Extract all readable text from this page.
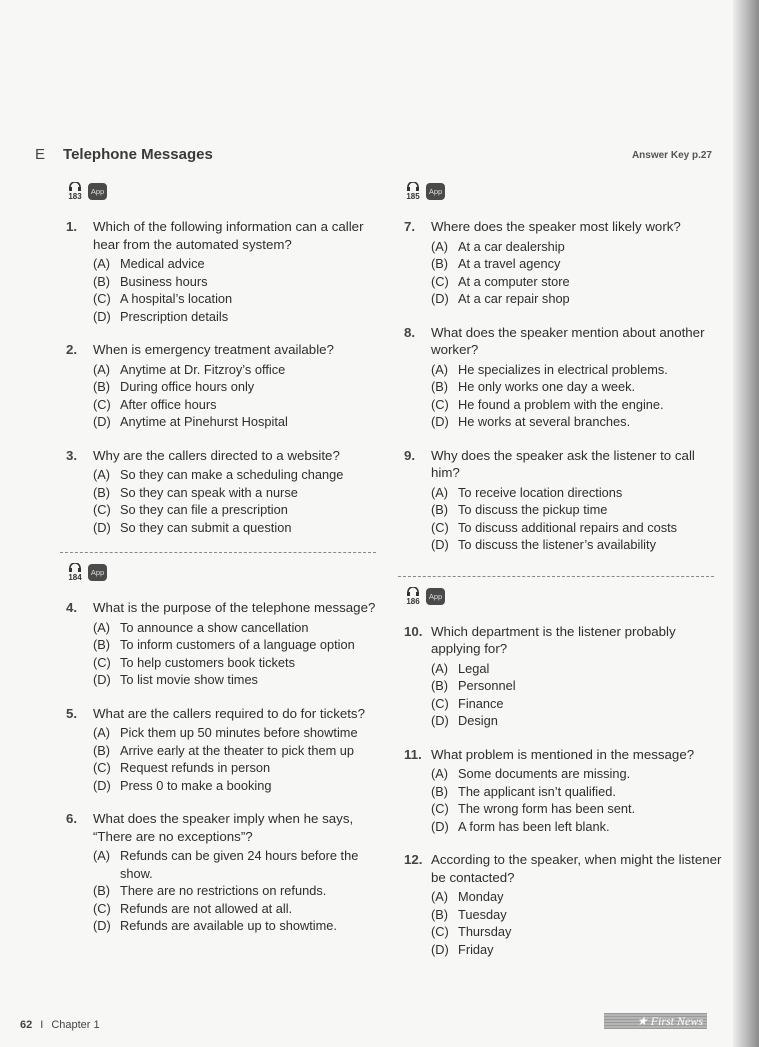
E Telephone Messages	Answer Key p.27
183
App
1.	Which of the following information can a caller hear from the automated system?
(A) Medical advice
(B) Business hours
(C) A hospital’s location
(D) Prescription details
2.	When is emergency treatment available?
(A) Anytime at Dr. Fitzroy’s office
(B) During office hours only
(C) After office hours
(D) Anytime at Pinehurst Hospital
3.	Why are the callers directed to a website?
(A) So they can make a scheduling change
(B) So they can speak with a nurse
(C) So they can file a prescription
(D) So they can submit a question
184
App
4.	What is the purpose of the telephone message?
(A) To announce a show cancellation
(B) To inform customers of a language option
(C) To help customers book tickets
(D) To list movie show times
5.	What are the callers required to do for tickets?
(A) Pick them up 50 minutes before showtime
(B) Arrive early at the theater to pick them up
(C) Request refunds in person
(D) Press 0 to make a booking
6.	What does the speaker imply when he says, “There are no exceptions”?
(A) Refunds can be given 24 hours before the show.
(B) There are no restrictions on refunds.
(C) Refunds are not allowed at all.
(D) Refunds are available up to showtime.
185
App
7.	Where does the speaker most likely work?
(A) At a car dealership
(B) At a travel agency
(C) At a computer store
(D) At a car repair shop
8.	What does the speaker mention about another worker?
(A) He specializes in electrical problems.
(B) He only works one day a week.
(C) He found a problem with the engine.
(D) He works at several branches.
9.	Why does the speaker ask the listener to call him?
(A) To receive location directions
(B) To discuss the pickup time
(C) To discuss additional repairs and costs
(D) To discuss the listener’s availability
186
App
10. Which department is the listener probably applying for?
(A) Legal
(B) Personnel
(C) Finance
(D) Design
11. What problem is mentioned in the message?
(A) Some documents are missing.
(B) The applicant isn’t qualified.
(C) The wrong form has been sent.
(D) A form has been left blank.
12. According to the speaker, when might the listener be contacted?
(A) Monday
(B) Tuesday
(C) Thursday
(D) Friday
62 I Chapter 1	★ First News
